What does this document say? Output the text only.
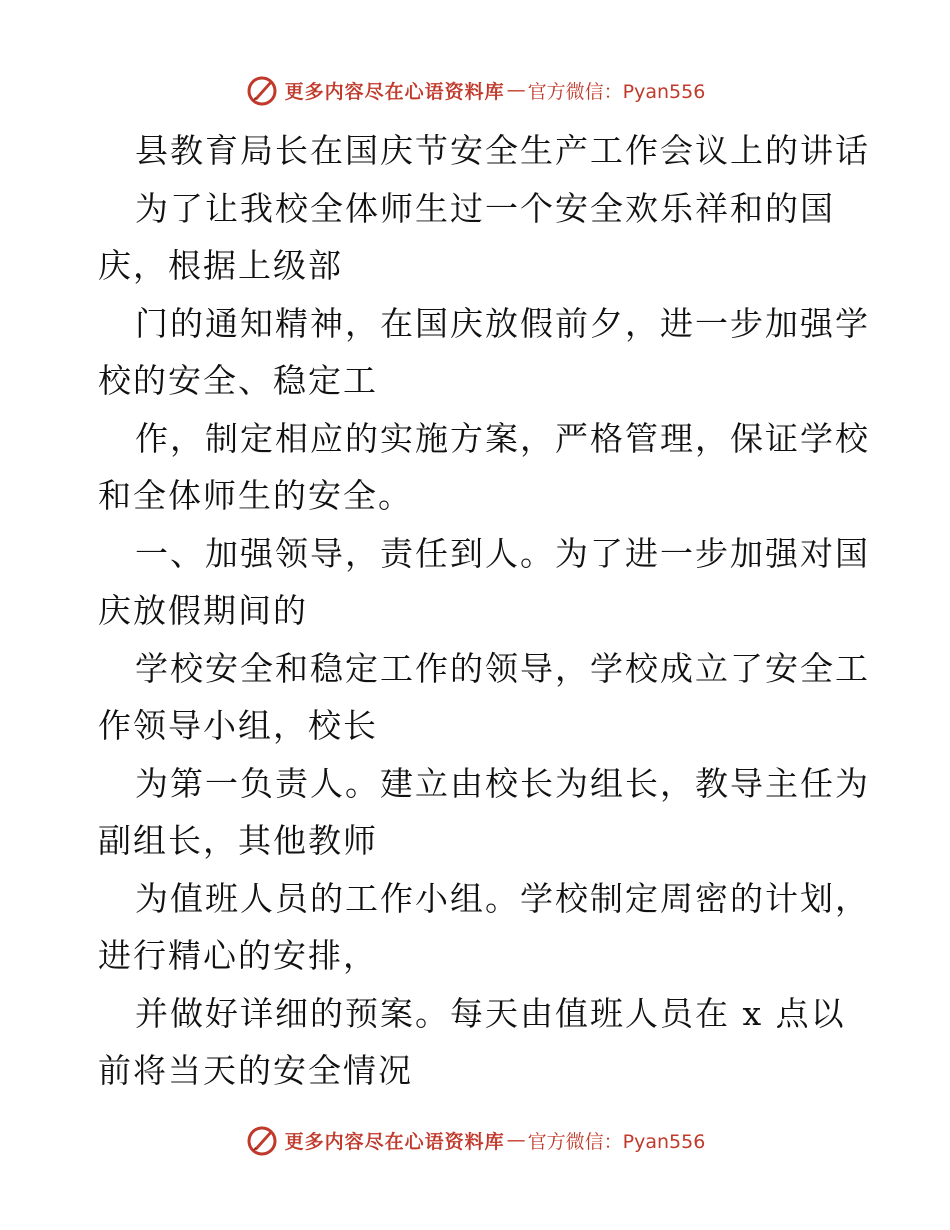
更多内容尽在心语资料库 — 官方微信：Pyan556
县教育局长在国庆节安全生产工作会议上的讲话
为了让我校全体师生过一个安全欢乐祥和的国
庆，根据上级部
门的通知精神，在国庆放假前夕，进一步加强学
校的安全、稳定工
作，制定相应的实施方案，严格管理，保证学校
和全体师生的安全。
一、加强领导，责任到人。为了进一步加强对国
庆放假期间的
学校安全和稳定工作的领导，学校成立了安全工
作领导小组，校长
为第一负责人。建立由校长为组长，教导主任为
副组长，其他教师
为值班人员的工作小组。学校制定周密的计划，
进行精心的安排，
并做好详细的预案。每天由值班人员在 x 点以
前将当天的安全情况
更多内容尽在心语资料库 — 官方微信：Pyan556
